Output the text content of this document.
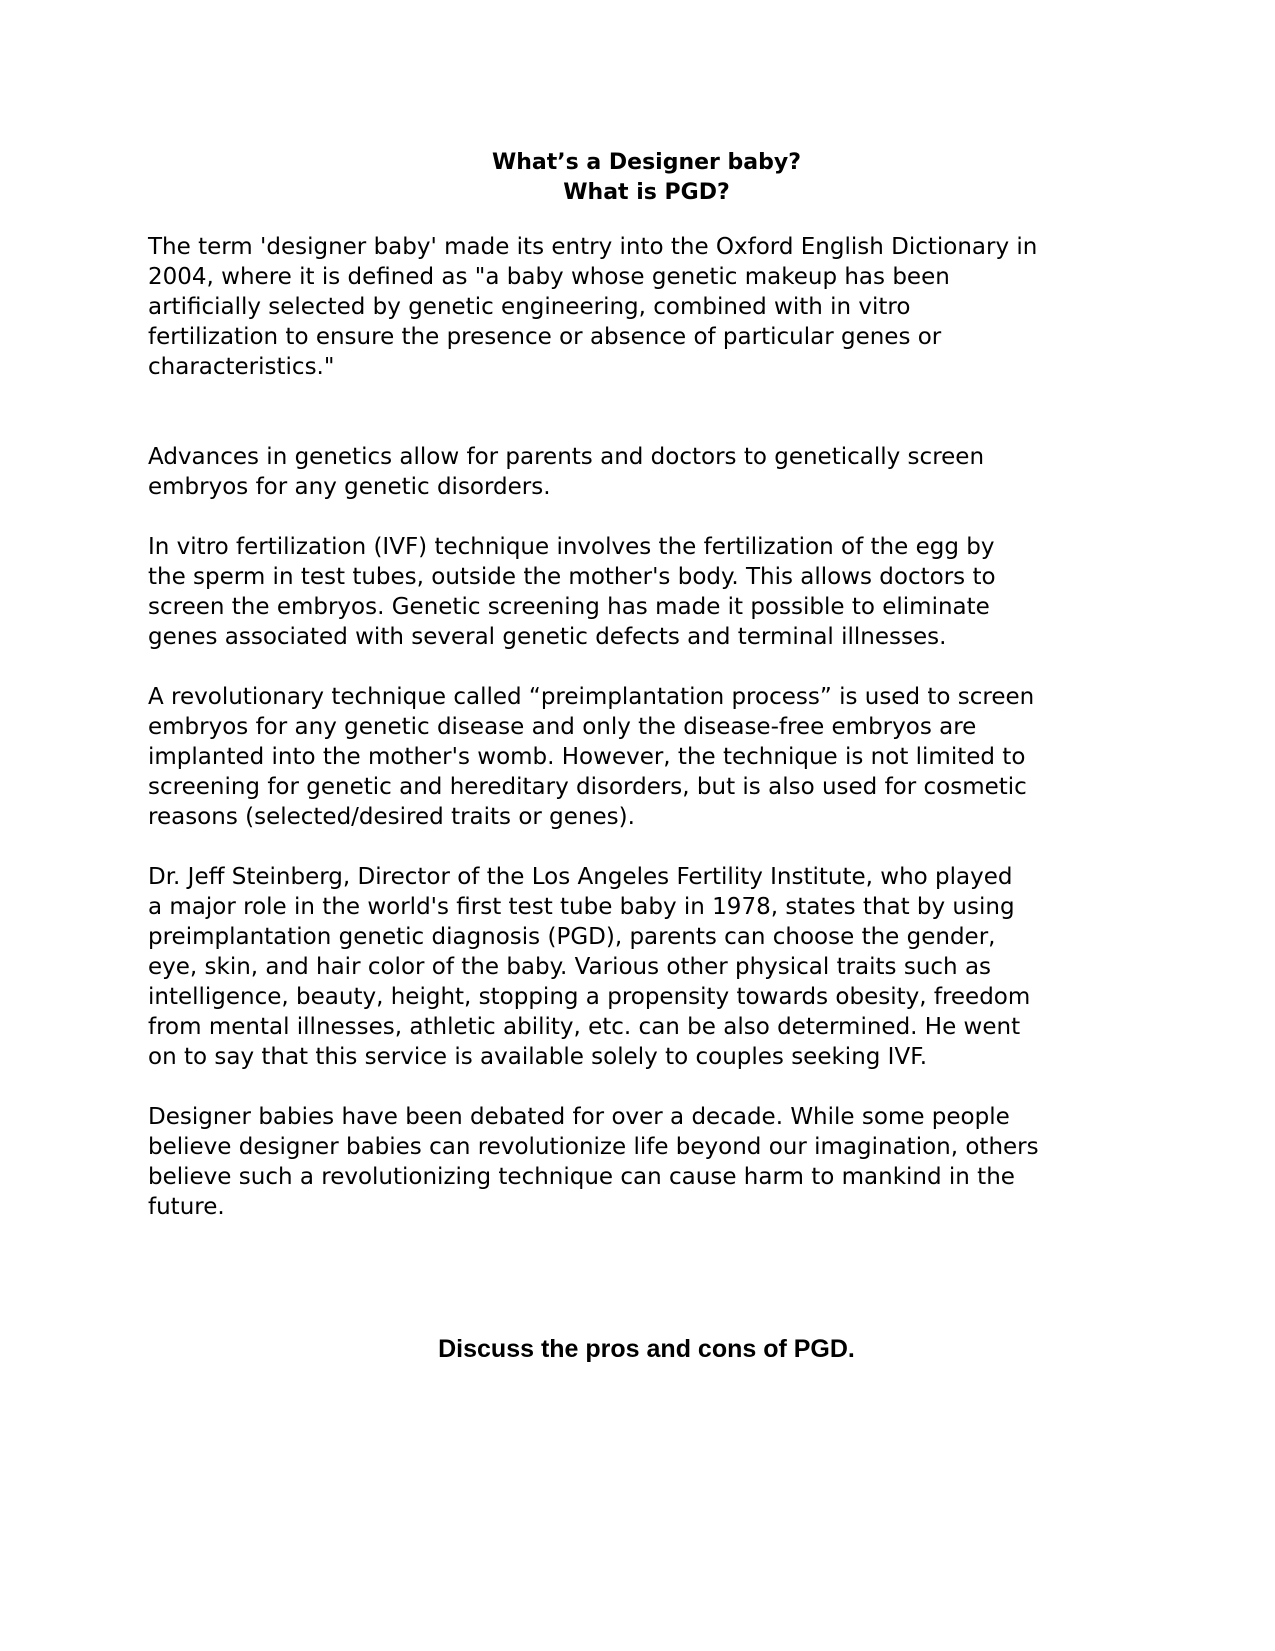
What’s a Designer baby?
What is PGD?

The term 'designer baby' made its entry into the Oxford English Dictionary in
2004, where it is defined as "a baby whose genetic makeup has been
artificially selected by genetic engineering, combined with in vitro
fertilization to ensure the presence or absence of particular genes or
characteristics."

Advances in genetics allow for parents and doctors to genetically screen
embryos for any genetic disorders.

In vitro fertilization (IVF) technique involves the fertilization of the egg by
the sperm in test tubes, outside the mother's body. This allows doctors to
screen the embryos. Genetic screening has made it possible to eliminate
genes associated with several genetic defects and terminal illnesses.

A revolutionary technique called “preimplantation process” is used to screen
embryos for any genetic disease and only the disease-free embryos are
implanted into the mother's womb. However, the technique is not limited to
screening for genetic and hereditary disorders, but is also used for cosmetic
reasons (selected/desired traits or genes).

Dr. Jeff Steinberg, Director of the Los Angeles Fertility Institute, who played
a major role in the world's first test tube baby in 1978, states that by using
preimplantation genetic diagnosis (PGD), parents can choose the gender,
eye, skin, and hair color of the baby. Various other physical traits such as
intelligence, beauty, height, stopping a propensity towards obesity, freedom
from mental illnesses, athletic ability, etc. can be also determined. He went
on to say that this service is available solely to couples seeking IVF.

Designer babies have been debated for over a decade. While some people
believe designer babies can revolutionize life beyond our imagination, others
believe such a revolutionizing technique can cause harm to mankind in the
future.

Discuss the pros and cons of PGD.
